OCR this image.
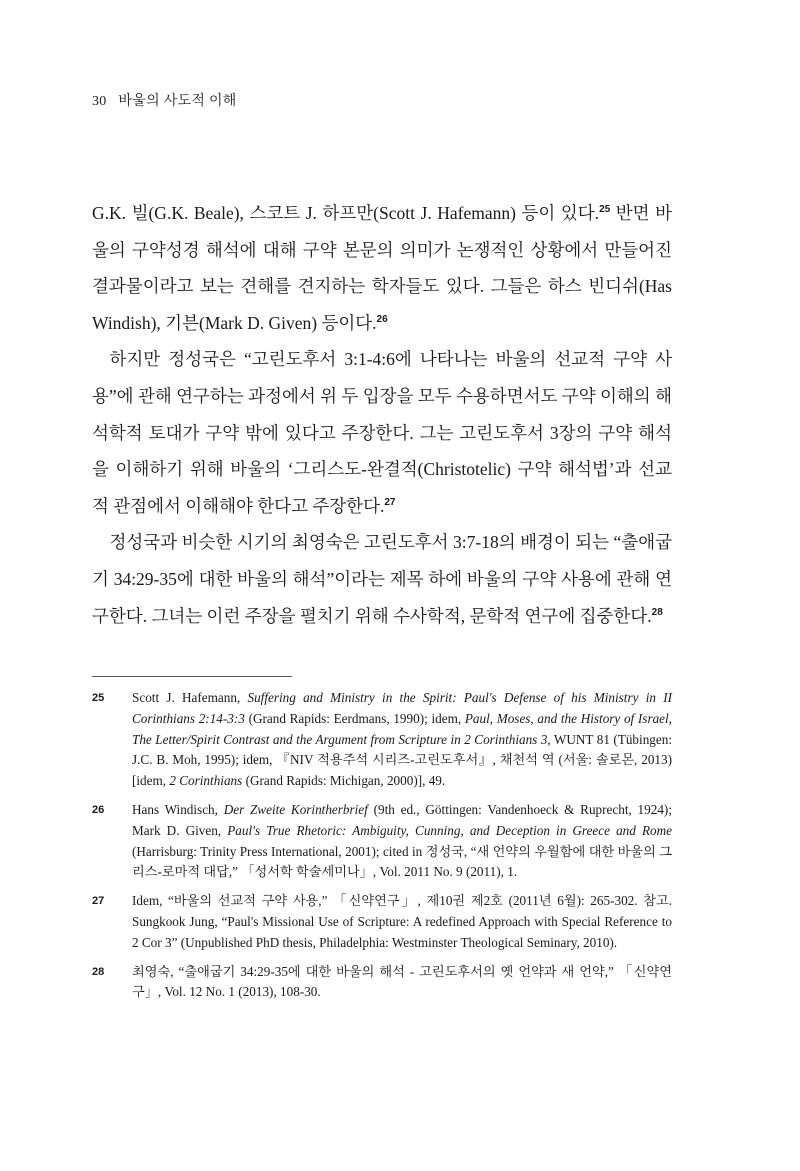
30 바울의 사도적 이해

G.K. 빌(G.K. Beale), 스코트 J. 하프만(Scott J. Hafemann) 등이 있다.$^{25}$ 반면 바울의 구약성경 해석에 대해 구약 본문의 의미가 논쟁적인 상황에서 만들어진 결과물이라고 보는 견해를 견지하는 학자들도 있다. 그들은 하스 빈디쉬(Has Windish), 기븐(Mark D. Given) 등이다.$^{26}$

하지만 정성국은 “고린도후서 3:1-4:6에 나타나는 바울의 선교적 구약 사용”에 관해 연구하는 과정에서 위 두 입장을 모두 수용하면서도 구약 이해의 해석학적 토대가 구약 밖에 있다고 주장한다. 그는 고린도후서 3장의 구약 해석을 이해하기 위해 바울의 ‘그리스도-완결적(Christotelic) 구약 해석법’과 선교적 관점에서 이해해야 한다고 주장한다.$^{27}$

정성국과 비슷한 시기의 최영숙은 고린도후서 3:7-18의 배경이 되는 “출애굽기 34:29-35에 대한 바울의 해석”이라는 제목 하에 바울의 구약 사용에 관해 연구한다. 그녀는 이런 주장을 펼치기 위해 수사학적, 문학적 연구에 집중한다.$^{28}$

25 Scott J. Hafemann, Suffering and Ministry in the Spirit: Paul's Defense of his Ministry in II Corinthians 2:14-3:3 (Grand Rapids: Eerdmans, 1990); idem, Paul, Moses, and the History of Israel, The Letter/Spirit Contrast and the Argument from Scripture in 2 Corinthians 3, WUNT 81 (Tübingen: J.C. B. Moh, 1995); idem, 『NIV 적용주석 시리즈-고린도후서』, 채천석 역 (서울: 솔로몬, 2013)[idem, 2 Corinthians (Grand Rapids: Michigan, 2000)], 49.
26 Hans Windisch, Der Zweite Korintherbrief (9th ed., Göttingen: Vandenhoeck & Ruprecht, 1924); Mark D. Given, Paul's True Rhetoric: Ambiguity, Cunning, and Deception in Greece and Rome (Harrisburg: Trinity Press International, 2001); cited in 정성국, “새 언약의 우월함에 대한 바울의 그리스-로마적 대답,” 「성서학 학술세미나」, Vol. 2011 No. 9 (2011), 1.
27 Idem, “바울의 선교적 구약 사용,” 「신약연구」, 제10권 제2호 (2011년 6월): 265-302. 참고. Sungkook Jung, “Paul's Missional Use of Scripture: A redefined Approach with Special Reference to 2 Cor 3” (Unpublished PhD thesis, Philadelphia: Westminster Theological Seminary, 2010).
28 최영숙, “출애굽기 34:29-35에 대한 바울의 해석 - 고린도후서의 옛 언약과 새 언약,” 「신약연구」, Vol. 12 No. 1 (2013), 108-30.
